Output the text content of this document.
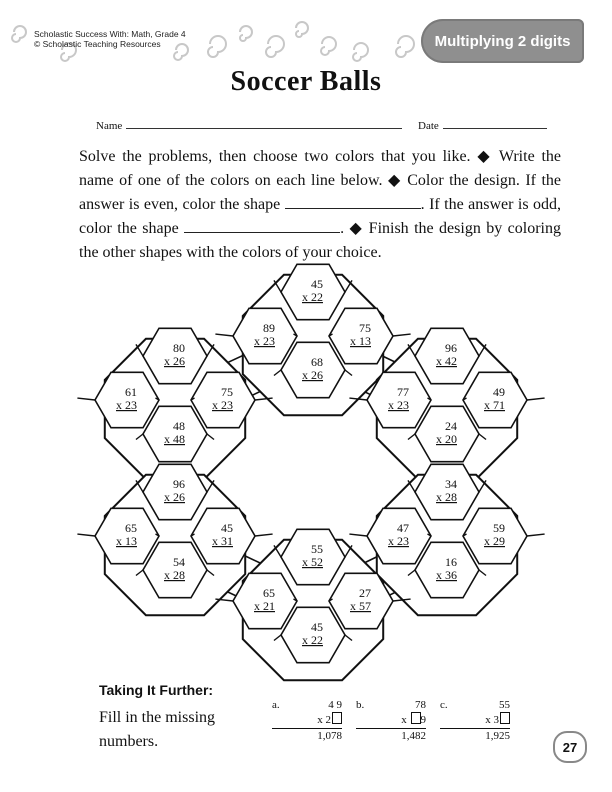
Scholastic Success With: Math, Grade 4
© Scholastic Teaching Resources	Multiplying 2 digits
Soccer Balls
Name	Date
Solve the problems, then choose two colors that you like. ◆ Write the name of one of the colors on each line below. ◆ Color the design. If the answer is even, color the shape	. If the answer is odd, color the shape	. ◆ Finish the design by coloring the other shapes with the colors of your choice.
45
x 22
89
x 23
75
x 13
68
x 26
80
x 26
61
x 23
75
x 23
48
x 48
96
x 42
77
x 23
49
x 71
24
x 20
96
x 26
65
x 13
45
x 31
54
x 28
34
x 28
47
x 23
59
x 29
16
x 36
55
x 52
65
x 21
27
x 57
45
x 22
Taking It Further:
Fill in the missing numbers.
a.	4 9
x 2
1,078
b.	78
x 9
1,482
c.	55
x 3
1,925
27
